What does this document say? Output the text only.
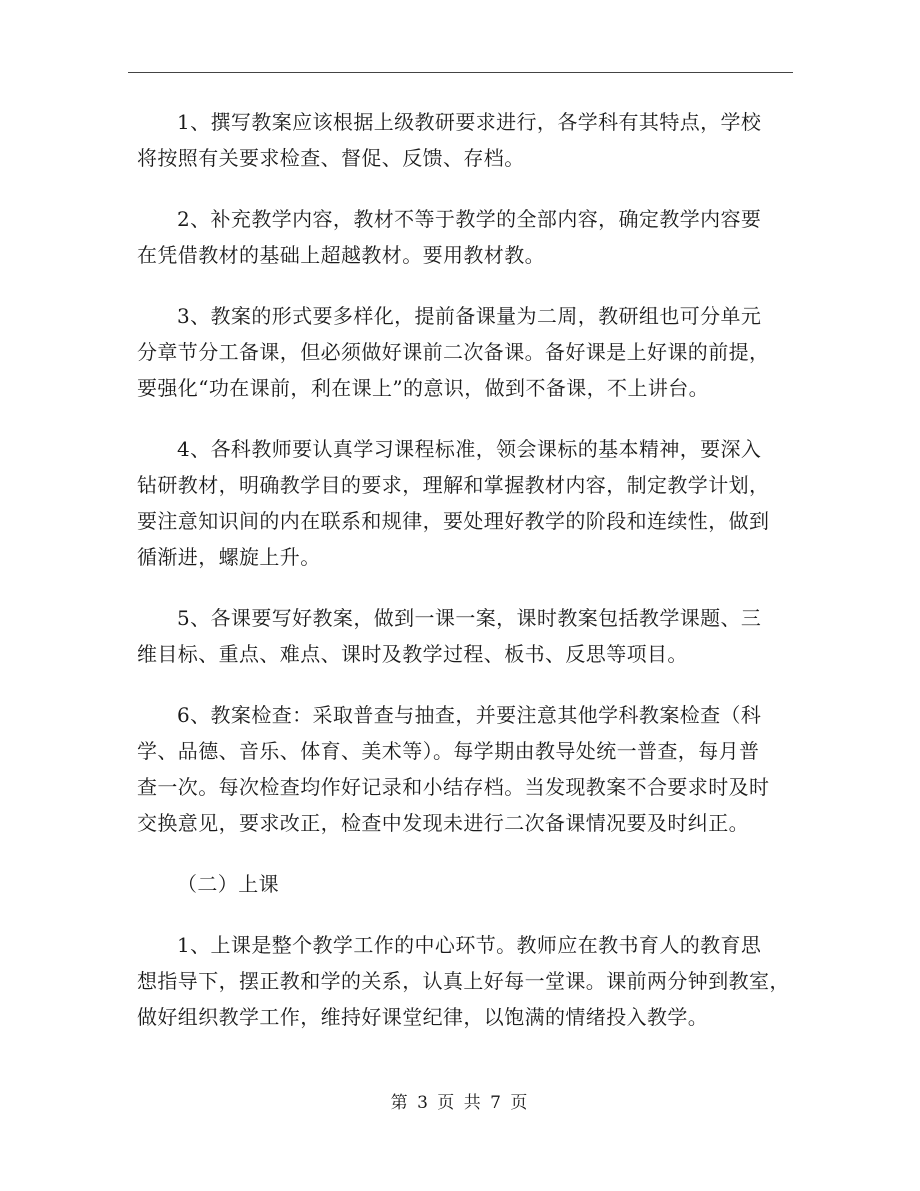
1、撰写教案应该根据上级教研要求进行，各学科有其特点，学校
将按照有关要求检查、督促、反馈、存档。
2、补充教学内容，教材不等于教学的全部内容，确定教学内容要
在凭借教材的基础上超越教材。要用教材教。
3、教案的形式要多样化，提前备课量为二周，教研组也可分单元
分章节分工备课，但必须做好课前二次备课。备好课是上好课的前提，
要强化“功在课前，利在课上”的意识，做到不备课，不上讲台。
4、各科教师要认真学习课程标准，领会课标的基本精神，要深入
钻研教材，明确教学目的要求，理解和掌握教材内容，制定教学计划，
要注意知识间的内在联系和规律，要处理好教学的阶段和连续性，做到
循渐进，螺旋上升。
5、各课要写好教案，做到一课一案，课时教案包括教学课题、三
维目标、重点、难点、课时及教学过程、板书、反思等项目。
6、教案检查：采取普查与抽查，并要注意其他学科教案检查（科
学、品德、音乐、体育、美术等）。每学期由教导处统一普查，每月普
查一次。每次检查均作好记录和小结存档。当发现教案不合要求时及时
交换意见，要求改正，检查中发现未进行二次备课情况要及时纠正。
（二）上课
1、上课是整个教学工作的中心环节。教师应在教书育人的教育思
想指导下，摆正教和学的关系，认真上好每一堂课。课前两分钟到教室，
做好组织教学工作，维持好课堂纪律，以饱满的情绪投入教学。
第 3 页 共 7 页
